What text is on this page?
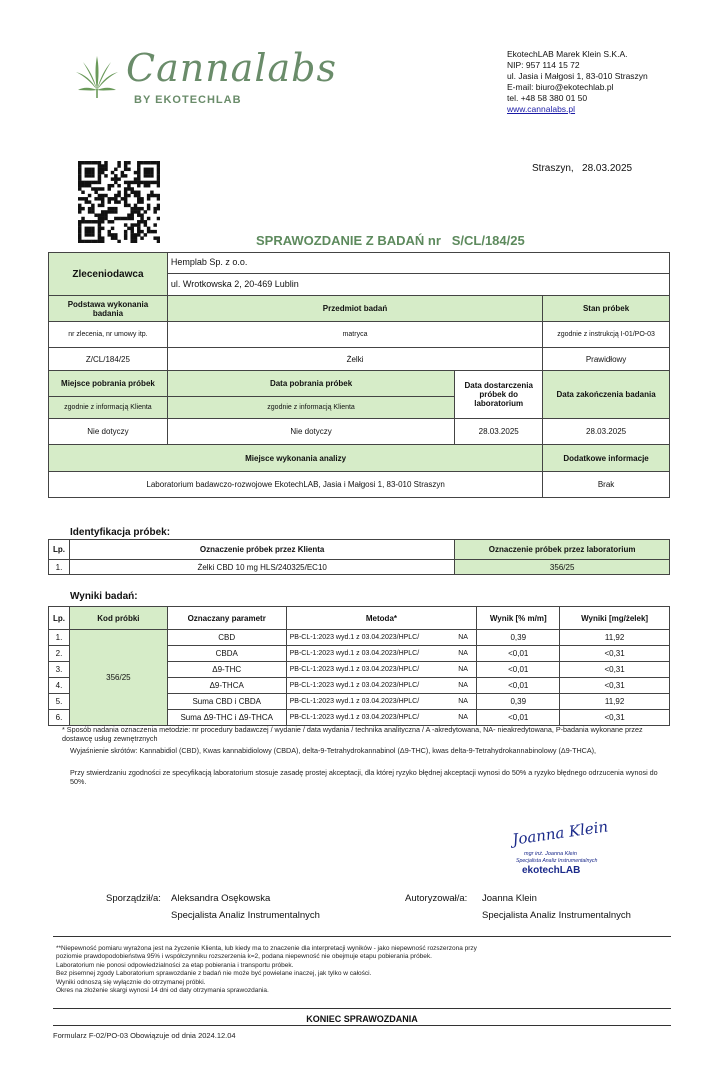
Cannalabs
BY EKOTECHLAB
EkotechLAB Marek Klein S.K.A.
NIP: 957 114 15 72
ul. Jasia i Małgosi 1, 83-010 Straszyn
E-mail: biuro@ekotechlab.pl
tel. +48 58 380 01 50
www.cannalabs.pl
Straszyn,   28.03.2025
SPRAWOZDANIE Z BADAŃ nr   S/CL/184/25
Zleceniodawca	Hemplab Sp. z o.o.
ul. Wrotkowska 2, 20-469 Lublin		

Podstawa wykonania badania	Przedmiot badań		Stan próbek
nr zlecenia, nr umowy itp.	matryca		zgodnie z instrukcją I-01/PO-03
Z/CL/184/25	Żelki		Prawidłowy
Miejsce pobrania próbek	Data pobrania próbek	Data dostarczenia próbek do laboratorium	Data zakończenia badania
zgodnie z informacją Klienta	zgodnie z informacją Klienta		
Nie dotyczy	Nie dotyczy	28.03.2025	28.03.2025
Miejsce wykonania analizy			Dodatkowe informacje
Laboratorium badawczo-rozwojowe EkotechLAB, Jasia i Małgosi 1, 83-010 Straszyn			Brak
Identyfikacja próbek:
Lp.	Oznaczenie próbek przez Klienta	Oznaczenie próbek przez laboratorium
1.	Żelki CBD 10 mg HLS/240325/EC10	356/25
Wyniki badań:
Lp.	Kod próbki	Oznaczany parametr	Metoda*		Wynik [% m/m]	Wyniki [mg/żelek]
1.	356/25	CBD	PB-CL-1:2023 wyd.1 z 03.04.2023/HPLC/	NA	0,39	11,92
2.		CBDA	PB-CL-1:2023 wyd.1 z 03.04.2023/HPLC/	NA	<0,01	<0,31
3.		Δ9-THC	PB-CL-1:2023 wyd.1 z 03.04.2023/HPLC/	NA	<0,01	<0,31
4.		Δ9-THCA	PB-CL-1:2023 wyd.1 z 03.04.2023/HPLC/	NA	<0,01	<0,31
5.		Suma CBD i CBDA	PB-CL-1:2023 wyd.1 z 03.04.2023/HPLC/	NA	0,39	11,92
6.		Suma Δ9-THC i Δ9-THCA	PB-CL-1:2023 wyd.1 z 03.04.2023/HPLC/	NA	<0,01	<0,31
* Sposób nadania oznaczenia metodzie: nr procedury badawczej / wydanie / data wydania / technika analityczna / A -akredytowana, NA- nieakredytowana, P-badania wykonane przez dostawcę usług zewnętrznych
Wyjaśnienie skrótów: Kannabidiol (CBD), Kwas kannabidiolowy (CBDA), delta-9-Tetrahydrokannabinol (Δ9-THC), kwas delta-9-Tetrahydrokannabinolowy (Δ9-THCA),
Przy stwierdzaniu zgodności ze specyfikacją laboratorium stosuje zasadę prostej akceptacji, dla której ryzyko błędnej akceptacji wynosi do 50% a ryzyko błędnego odrzucenia wynosi do 50%.
Joanna Klein
mgr inż. Joanna Klein
Specjalista Analiz Instrumentalnych
ekotechLAB
Sporządził/a: Aleksandra Osękowska
Specjalista Analiz Instrumentalnych
Autoryzował/a: Joanna Klein
Specjalista Analiz Instrumentalnych
**Niepewność pomiaru wyrażona jest na życzenie Klienta, lub kiedy ma to znaczenie dla interpretacji wyników - jako niepewność rozszerzona przy
poziomie prawdopodobieństwa 95% i współczynniku rozszerzenia k=2, podana niepewność nie obejmuje etapu pobierania próbek.
Laboratorium nie ponosi odpowiedzialności za etap pobierania i transportu próbek.
Bez pisemnej zgody Laboratorium sprawozdanie z badań nie może być powielane inaczej, jak tylko w całości.
Wyniki odnoszą się wyłącznie do otrzymanej próbki.
Okres na złożenie skargi wynosi 14 dni od daty otrzymania sprawozdania.
KONIEC SPRAWOZDANIA
Formularz F-02/PO-03 Obowiązuje od dnia 2024.12.04
